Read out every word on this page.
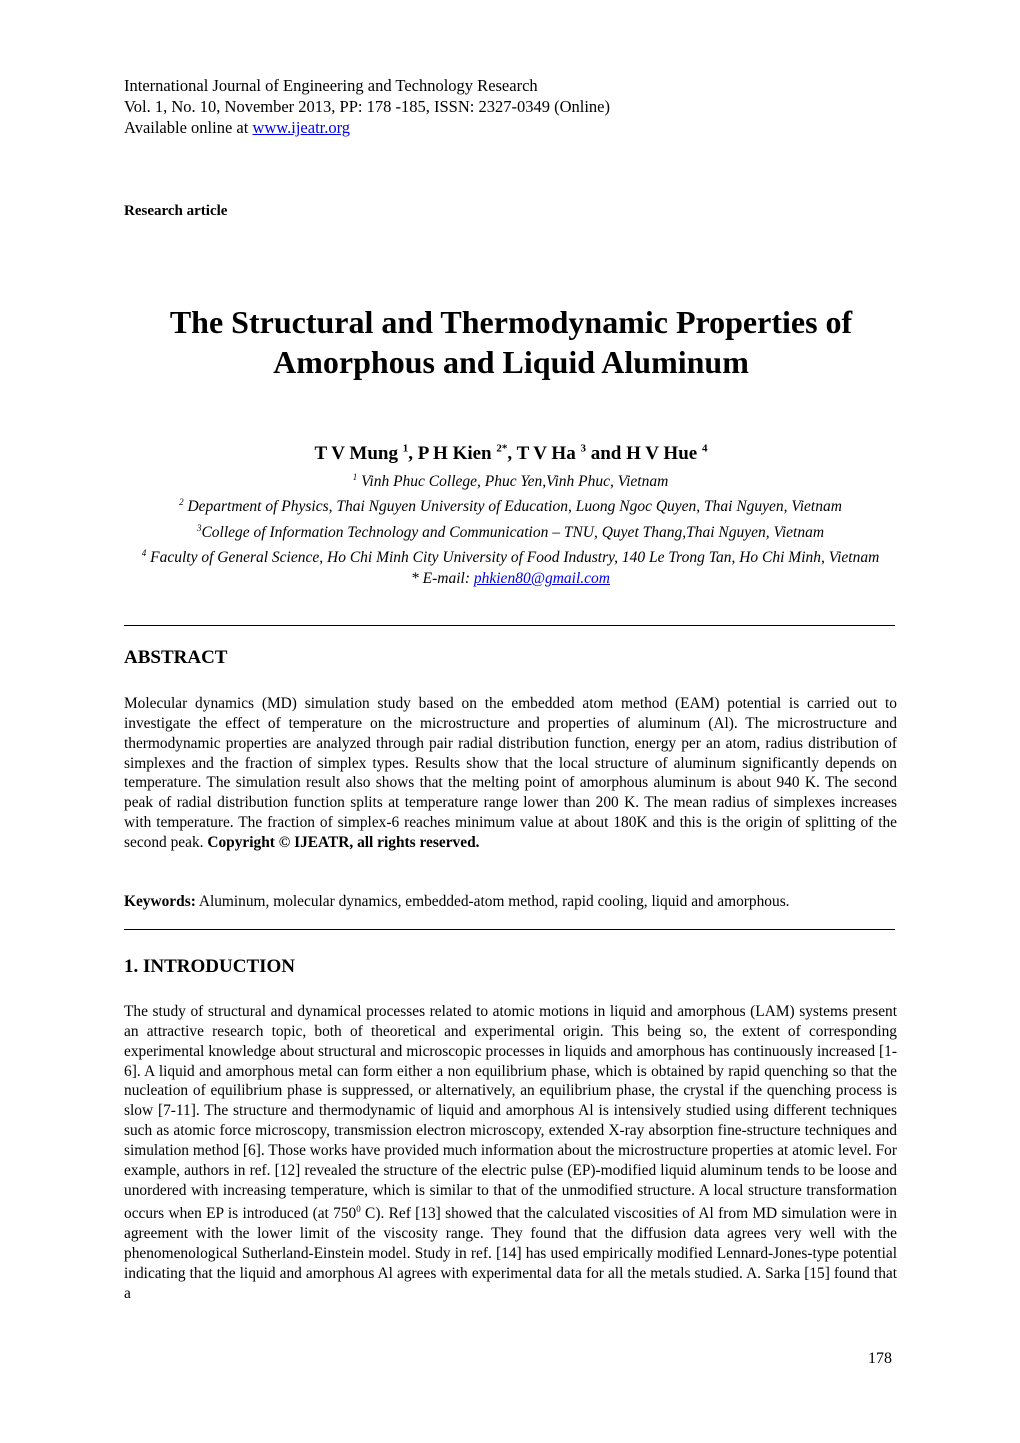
International Journal of Engineering and Technology Research
Vol. 1, No. 10, November 2013, PP: 178 -185, ISSN: 2327-0349 (Online)
Available online at www.ijeatr.org
Research article
The Structural and Thermodynamic Properties of
Amorphous and Liquid Aluminum
T V Mung $^1$, P H Kien $^{2*}$, T V Ha $^3$ and H V Hue $^4$
$^1$ Vinh Phuc College, Phuc Yen,Vinh Phuc, Vietnam
$^2$ Department of Physics, Thai Nguyen University of Education, Luong Ngoc Quyen, Thai Nguyen, Vietnam
$^3$College of Information Technology and Communication – TNU, Quyet Thang,Thai Nguyen, Vietnam
$^4$ Faculty of General Science, Ho Chi Minh City University of Food Industry, 140 Le Trong Tan, Ho Chi Minh, Vietnam
* E-mail: phkien80@gmail.com
ABSTRACT
Molecular dynamics (MD) simulation study based on the embedded atom method (EAM) potential is carried out to investigate the effect of temperature on the microstructure and properties of aluminum (Al). The microstructure and thermodynamic properties are analyzed through pair radial distribution function, energy per an atom, radius distribution of simplexes and the fraction of simplex types. Results show that the local structure of aluminum significantly depends on temperature. The simulation result also shows that the melting point of amorphous aluminum is about 940 K. The second peak of radial distribution function splits at temperature range lower than 200 K. The mean radius of simplexes increases with temperature. The fraction of simplex-6 reaches minimum value at about 180K and this is the origin of splitting of the second peak. Copyright © IJEATR, all rights reserved.
Keywords: Aluminum, molecular dynamics, embedded-atom method, rapid cooling, liquid and amorphous.
1. INTRODUCTION
The study of structural and dynamical processes related to atomic motions in liquid and amorphous (LAM) systems present an attractive research topic, both of theoretical and experimental origin. This being so, the extent of corresponding experimental knowledge about structural and microscopic processes in liquids and amorphous has continuously increased [1-6]. A liquid and amorphous metal can form either a non equilibrium phase, which is obtained by rapid quenching so that the nucleation of equilibrium phase is suppressed, or alternatively, an equilibrium phase, the crystal if the quenching process is slow [7-11]. The structure and thermodynamic of liquid and amorphous Al is intensively studied using different techniques such as atomic force microscopy, transmission electron microscopy, extended X-ray absorption fine-structure techniques and simulation method [6]. Those works have provided much information about the microstructure properties at atomic level. For example, authors in ref. [12] revealed the structure of the electric pulse (EP)-modified liquid aluminum tends to be loose and unordered with increasing temperature, which is similar to that of the unmodified structure. A local structure transformation occurs when EP is introduced (at $750^0$ C). Ref [13] showed that the calculated viscosities of Al from MD simulation were in agreement with the lower limit of the viscosity range. They found that the diffusion data agrees very well with the phenomenological Sutherland-Einstein model. Study in ref. [14] has used empirically modified Lennard-Jones-type potential indicating that the liquid and amorphous Al agrees with experimental data for all the metals studied. A. Sarka [15] found that a
178
